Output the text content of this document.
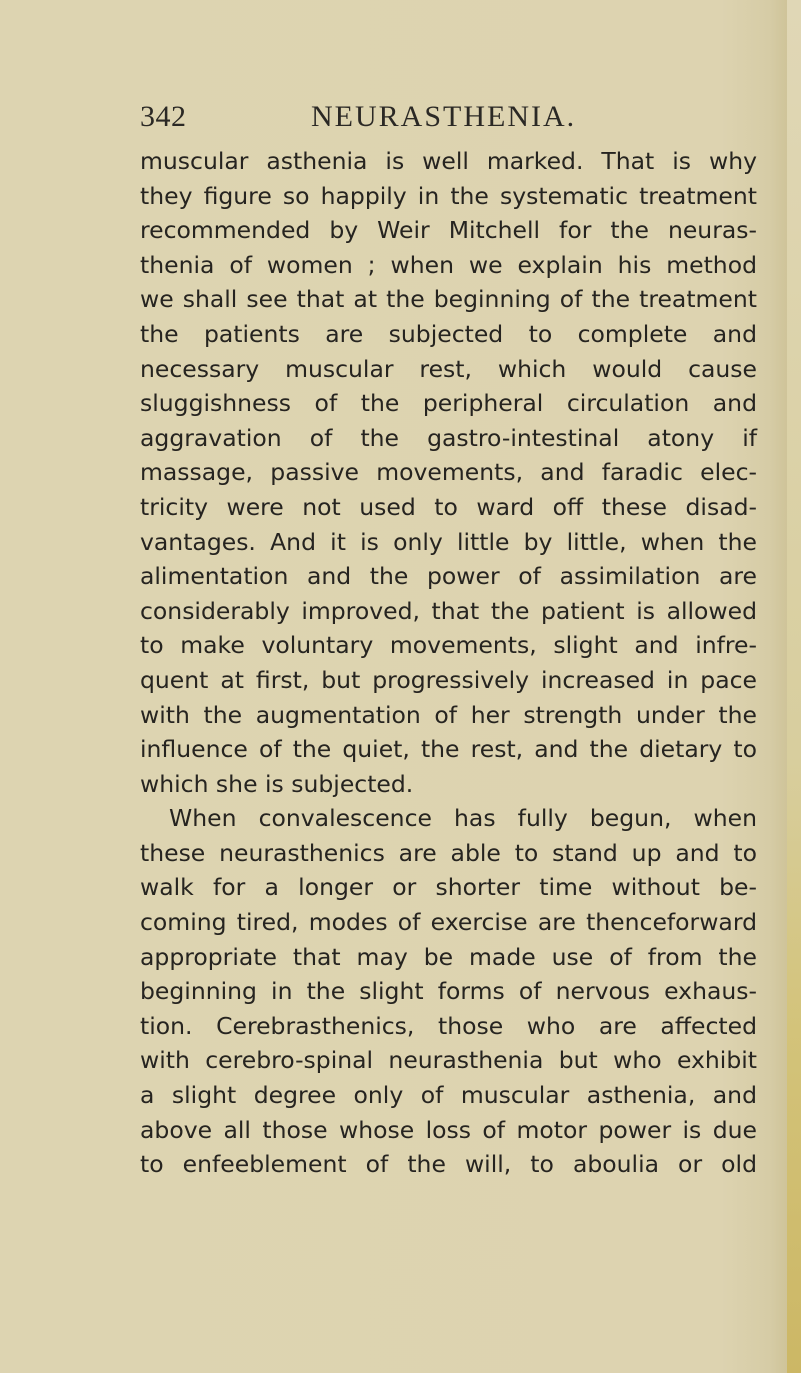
342	NEURASTHENIA.
muscular asthenia is well marked. That is why
they figure so happily in the systematic treatment
recommended by Weir Mitchell for the neuras-
thenia of women ; when we explain his method
we shall see that at the beginning of the treatment
the patients are subjected to complete and
necessary muscular rest, which would cause
sluggishness of the peripheral circulation and
aggravation of the gastro-intestinal atony if
massage, passive movements, and faradic elec-
tricity were not used to ward off these disad-
vantages. And it is only little by little, when the
alimentation and the power of assimilation are
considerably improved, that the patient is allowed
to make voluntary movements, slight and infre-
quent at first, but progressively increased in pace
with the augmentation of her strength under the
influence of the quiet, the rest, and the dietary to
which she is subjected.
When convalescence has fully begun, when
these neurasthenics are able to stand up and to
walk for a longer or shorter time without be-
coming tired, modes of exercise are thenceforward
appropriate that may be made use of from the
beginning in the slight forms of nervous exhaus-
tion. Cerebrasthenics, those who are affected
with cerebro-spinal neurasthenia but who exhibit
a slight degree only of muscular asthenia, and
above all those whose loss of motor power is due
to enfeeblement of the will, to aboulia or old
